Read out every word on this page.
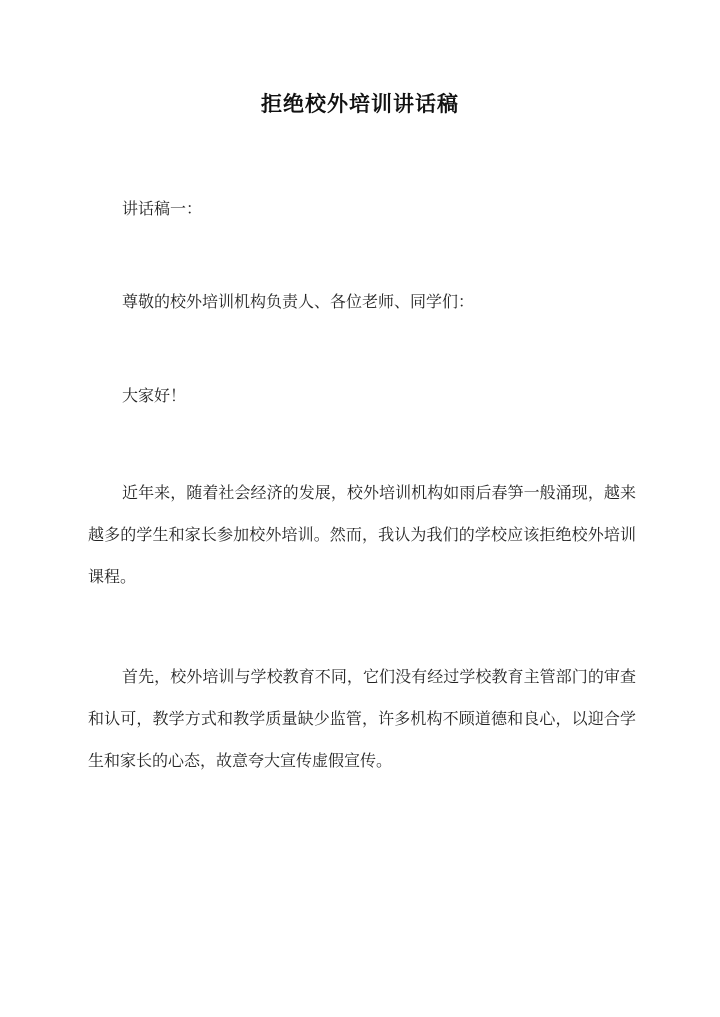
拒绝校外培训讲话稿
讲话稿一：
尊敬的校外培训机构负责人、各位老师、同学们：
大家好！
近年来，随着社会经济的发展，校外培训机构如雨后春笋一般涌现，越来越多的学生和家长参加校外培训。然而，我认为我们的学校应该拒绝校外培训课程。
首先，校外培训与学校教育不同，它们没有经过学校教育主管部门的审查和认可，教学方式和教学质量缺少监管，许多机构不顾道德和良心，以迎合学生和家长的心态，故意夸大宣传虚假宣传。
